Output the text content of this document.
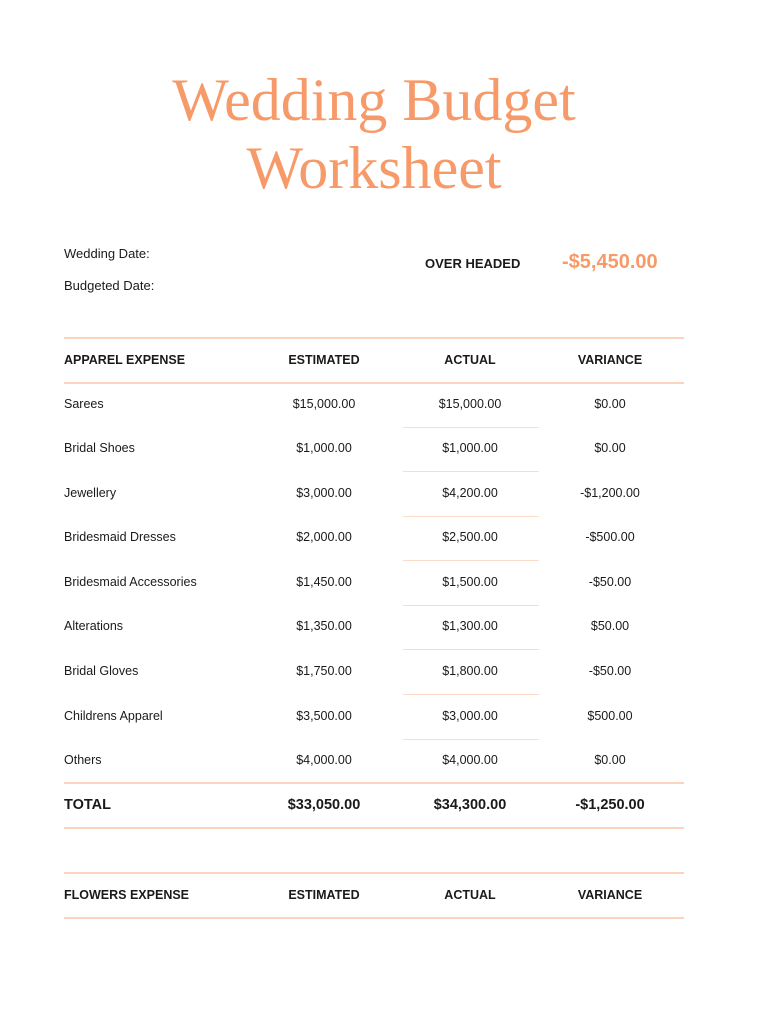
Wedding Budget
Worksheet
Wedding Date:
Budgeted Date:
OVER HEADED -$5,450.00
APPAREL EXPENSE	ESTIMATED	ACTUAL	VARIANCE
Sarees	$15,000.00	$15,000.00	$0.00
Bridal Shoes	$1,000.00	$1,000.00	$0.00
Jewellery	$3,000.00	$4,200.00	-$1,200.00
Bridesmaid Dresses	$2,000.00	$2,500.00	-$500.00
Bridesmaid Accessories	$1,450.00	$1,500.00	-$50.00
Alterations	$1,350.00	$1,300.00	$50.00
Bridal Gloves	$1,750.00	$1,800.00	-$50.00
Childrens Apparel	$3,500.00	$3,000.00	$500.00
Others	$4,000.00	$4,000.00	$0.00
TOTAL	$33,050.00	$34,300.00	-$1,250.00
FLOWERS EXPENSE	ESTIMATED	ACTUAL	VARIANCE
